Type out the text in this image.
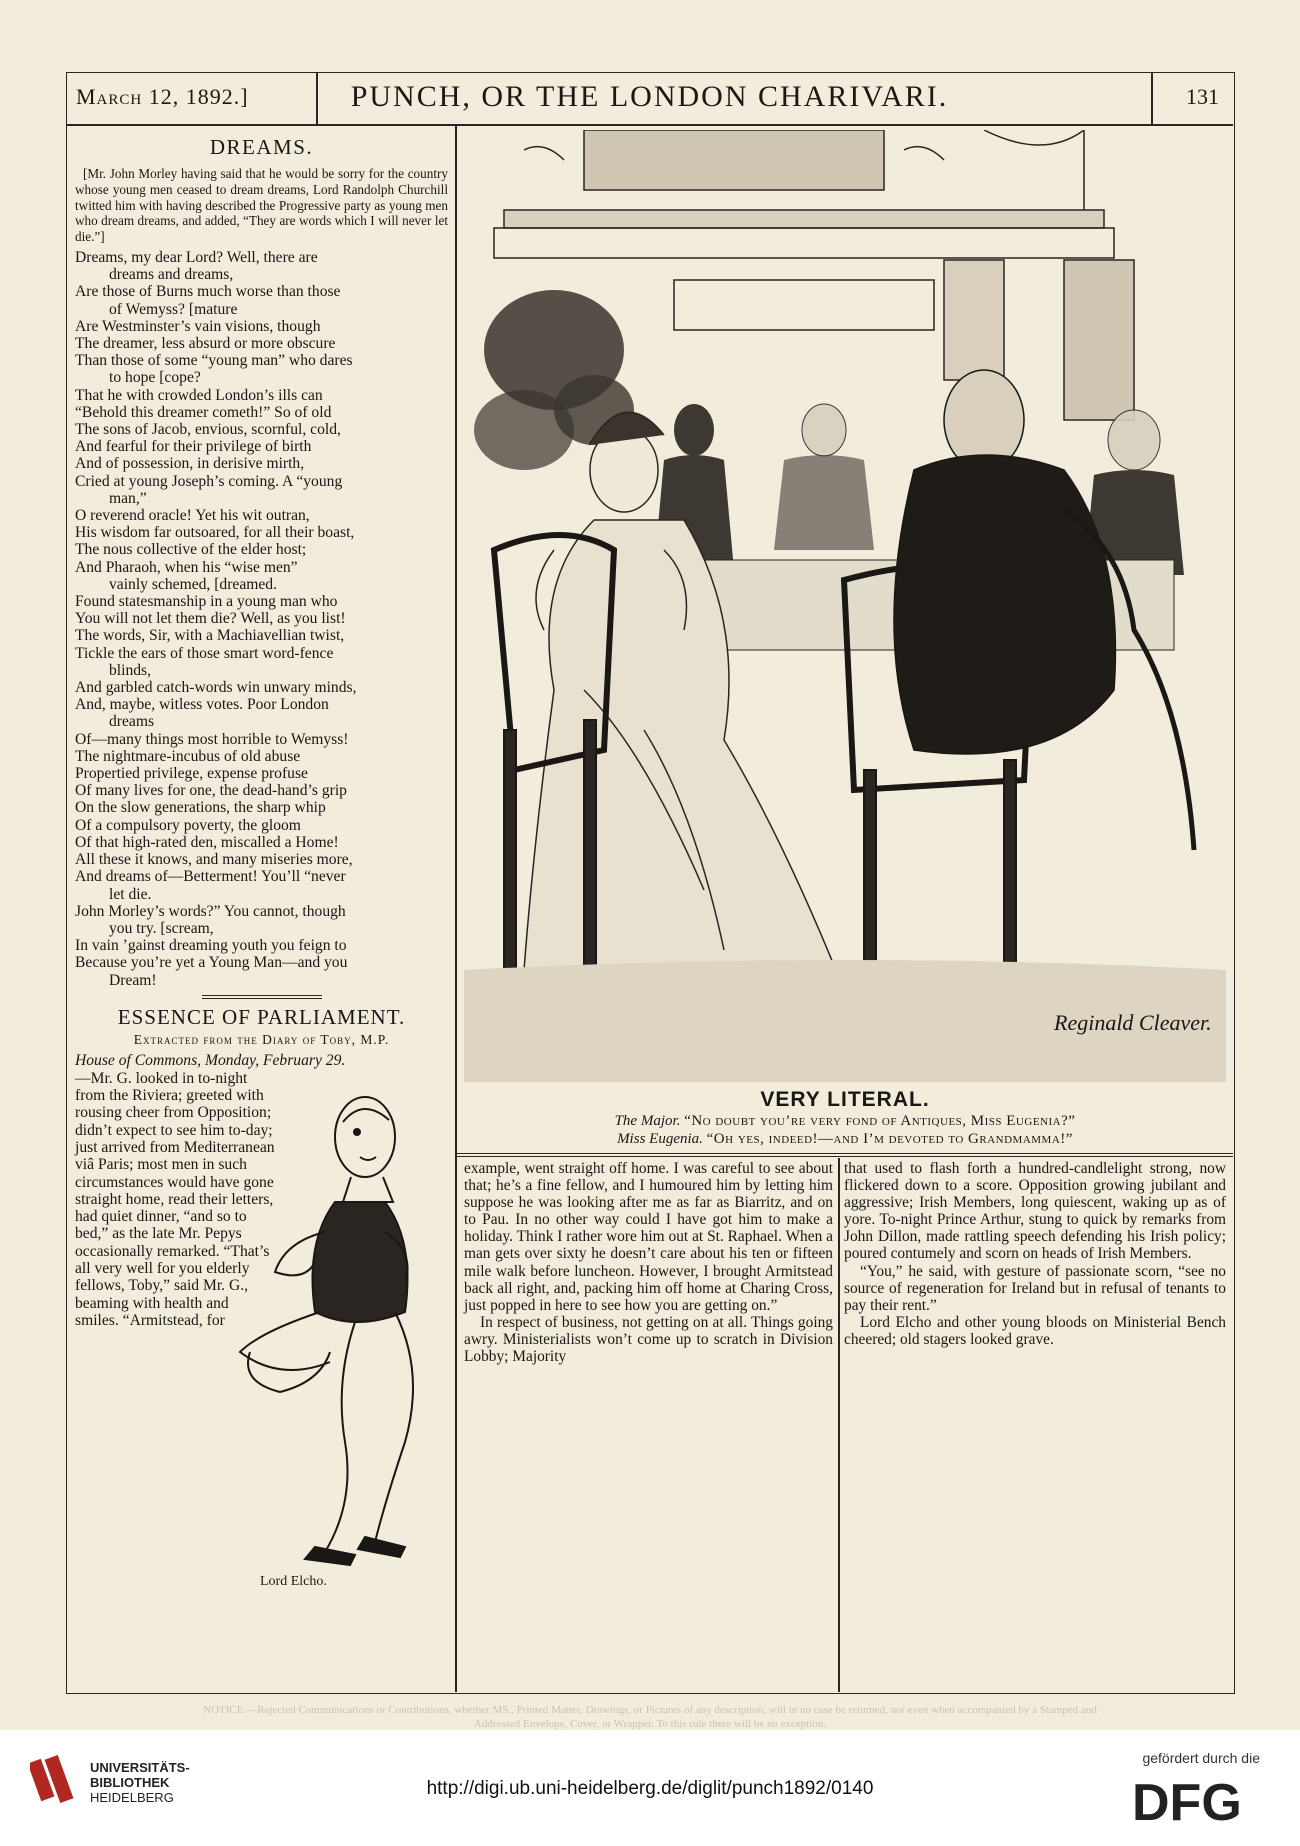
March 12, 1892.]	PUNCH, OR THE LONDON CHARIVARI.	131
DREAMS.

[Mr. John Morley having said that he would be sorry for the country whose young men ceased to dream dreams, Lord Randolph Churchill twitted him with having described the Progressive party as young men who dream dreams, and added, “They are words which I will never let die.”]

Dreams, my dear Lord? Well, there are
dreams and dreams,
Are those of Burns much worse than those
of Wemyss? [mature
Are Westminster’s vain visions, though
The dreamer, less absurd or more obscure
Than those of some “young man” who dares
to hope [cope?
That he with crowded London’s ills can
“Behold this dreamer cometh!” So of old
The sons of Jacob, envious, scornful, cold,
And fearful for their privilege of birth
And of possession, in derisive mirth,
Cried at young Joseph’s coming. A “young
man,”
O reverend oracle! Yet his wit outran,
His wisdom far outsoared, for all their boast,
The nous collective of the elder host;
And Pharaoh, when his “wise men”
vainly schemed, [dreamed.
Found statesmanship in a young man who
You will not let them die? Well, as you list!
The words, Sir, with a Machiavellian twist,
Tickle the ears of those smart word-fence
blinds,
And garbled catch-words win unwary minds,
And, maybe, witless votes. Poor London
dreams
Of—many things most horrible to Wemyss!
The nightmare-incubus of old abuse
Propertied privilege, expense profuse
Of many lives for one, the dead-hand’s grip
On the slow generations, the sharp whip
Of a compulsory poverty, the gloom
Of that high-rated den, miscalled a Home!
All these it knows, and many miseries more,
And dreams of—Betterment! You’ll “never
let die.
John Morley’s words?” You cannot, though
you try. [scream,
In vain ’gainst dreaming youth you feign to
Because you’re yet a Young Man—and you
Dream!
ESSENCE OF PARLIAMENT.
Extracted from the Diary of Toby, M.P.
House of Commons, Monday, February 29.
—Mr. G. looked in to-night from the Riviera; greeted with rousing cheer from Opposition; didn’t expect to see him to-day; just arrived from Mediterranean viâ Paris; most men in such circumstances would have gone straight home, read their letters, had quiet dinner, “and so to bed,” as the late Mr. Pepys occasionally remarked. “That’s all very well for you elderly fellows, Toby,” said Mr. G., beaming with health and smiles. “Armitstead, for
Lord Elcho.
Reginald Cleaver.
VERY LITERAL.
The Major. “No doubt you’re very fond of Antiques, Miss Eugenia?”
Miss Eugenia. “Oh yes, indeed!—and I’m devoted to Grandmamma!”

example, went straight off home. I was careful to see about that; he’s a fine fellow, and I humoured him by letting him suppose he was looking after me as far as Biarritz, and on to Pau. In no other way could I have got him to make a holiday. Think I rather wore him out at St. Raphael. When a man gets over sixty he doesn’t care about his ten or fifteen mile walk before luncheon. However, I brought Armitstead back all right, and, packing him off home at Charing Cross, just popped in here to see how you are getting on.”

In respect of business, not getting on at all. Things going awry. Ministerialists won’t come up to scratch in Division Lobby; Majority

that used to flash forth a hundred-candlelight strong, now flickered down to a score. Opposition growing jubilant and aggressive; Irish Members, long quiescent, waking up as of yore. To-night Prince Arthur, stung to quick by remarks from John Dillon, made rattling speech defending his Irish policy; poured contumely and scorn on heads of Irish Members.

“You,” he said, with gesture of passionate scorn, “see no source of regeneration for Ireland but in refusal of tenants to pay their rent.”

Lord Elcho and other young bloods on Ministerial Bench cheered; old stagers looked grave.

NOTICE.—Rejected Communications or Contributions, whether MS., Printed Matter, Drawings, or Pictures of any description, will in no case be returned, not even when accompanied by a Stamped and Addressed Envelope, Cover, or Wrapper. To this rule there will be no exception.
UNIVERSITÄTS-
BIBLIOTHEK
HEIDELBERG	http://digi.ub.uni-heidelberg.de/diglit/punch1892/0140
gefördert durch die
DFG
